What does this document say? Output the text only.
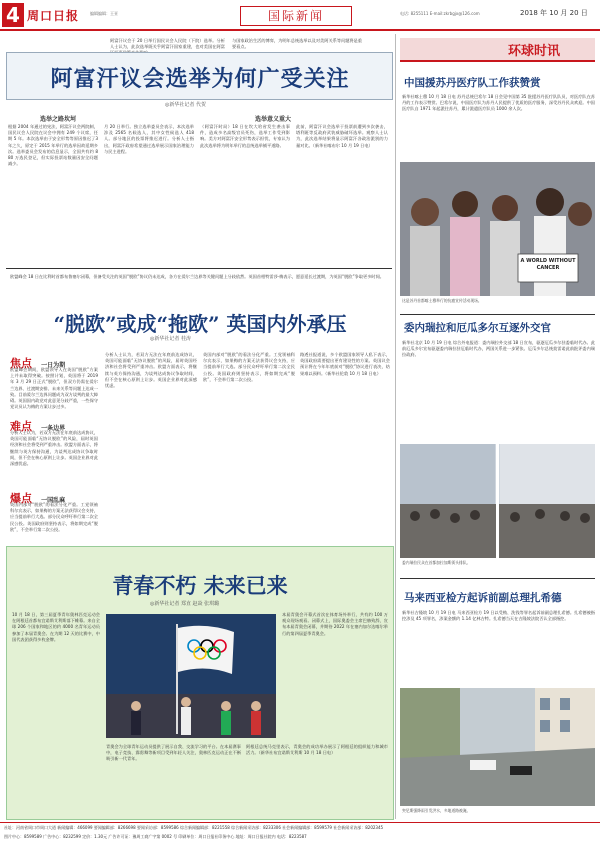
4 周口日报	编辑编辑：王亚	国际新闻	电话: 8255111 E-mail:zkrbgjx@126.com	2018 年 10 月 20 日
阿富汗议会于 20 日举行国民议会人民院（下院）选举。分析人士认为，此次选举既关乎阿富汗国家重建，也对美国在阿富
与国家政治生活的博弈，为明年总统选举以及对美阿关系等问题将是重要看点。
阿富汗议会选举为何广受关注
◎新华社记者 代贺
选举之路坎坷	选举意义重大
根据 2004 年通过的宪法，阿富汗议会两院制，国民议会人民院在议会中拥有 249 个议席，任期 5 年。本次选举由于安全形势等原因推迟了3年之久，原定于 2015 年举行的选举因故延期多次。选举委员会发布的信息显示，全国共有约 880 万选民登记，但实际投票站数量因安全问题减少。
月 20 日举行。独立选举委员会表示，本次选举涉及 2565 名候选人，其中女性候选人 418 人。部分地区的投票将推迟进行。分析人士指出，阿富汗政府希望通过选举展示国家治理能力与民主进程。
（阿富汗时局）18 日在坎大哈省发生袭击事件，造成多名高级官员死伤，选举工作受到影响。美方对阿富汗安全形势表示担忧，专家认为此次选举将为明年举行的总统选举铺平道路。
此前，阿富汗议会选举于投票前遭到多次袭击，塔利班等反政府武装威胁破坏选举。观察人士认为，此次选举结果将显示阿富汗各政治派别的力量对比。（新华社喀布尔 10 月 19 日电）
欧盟峰会 18 日在比利时首都布鲁塞尔闭幕，但备受关注的英国“脱欧”协议仍未达成，各方在爱尔兰边界等关键问题上分歧依然。英国首相特雷莎·梅表示，愿意延长过渡期，为英国“脱欧”争取更多时间。
“脱欧”或成“拖欧” 英国内外承压
◎新华社记者 桂涛
焦点 一日为期
难点 一条边界
爆点 一国乱麻
欧盟峰会期间，欧盟领导人在英国“脱欧”方案上并未取得突破。按照计划，英国将于 2019 年 3 月 29 日正式“脱欧”，但双方仍需在爱尔兰边界、过渡期安排、未来关系等问题上达成一致。目前爱尔兰边界问题成为双方谈判的最大障碍。英国国内政党对此意见分歧严重，一些保守党议员认为梅的方案让步过多。
分析人士认为，若双方无法在年底前达成协议，英国可能面临“无协议脱欧”的风险，届时英国经济和社会将受到严重冲击。欧盟方面表示，将继续与英方保持沟通，为谈判达成协议争取时间，但不会在核心原则上让步。英国企业界对此深感忧虑。
英国内部对“脱欧”的看法分化严重。工党领袖科尔宾表示，如果梅的方案无法获得议会支持，应当提前举行大选。部分民众呼吁举行第二次全民公投。英国政府则坚持表示，将如期完成“脱欧”，不会举行第二次公投。
分析人士认为，若双方无法在年底前达成协议，英国可能面临“无协议脱欧”的风险，届时英国经济和社会将受到严重冲击。欧盟方面表示，将继续与英方保持沟通，为谈判达成协议争取时间，但不会在核心原则上让步。英国企业界对此深感忧虑。
英国内部对“脱欧”的看法分化严重。工党领袖科尔宾表示，如果梅的方案无法获得议会支持，应当提前举行大选。部分民众呼吁举行第二次全民公投。英国政府则坚持表示，将如期完成“脱欧”，不会举行第二次公投。
路透社报道说，多个欧盟国家领导人私下表示，英国政府需要提出更有建设性的方案。英国议会预计将在今年年底前对“脱欧”协议进行表决，结果难以预料。（新华社伦敦 10 月 18 日电）
青春不朽 未来已来
◎新华社记者 郑直 赵焱 张琪璐
10 月 18 日，第三届夏季青年奥林匹克运动会在阿根廷首都布宜诺斯艾利斯落下帷幕。来自全球 206 个国家和地区的约 4000 名青年运动员参加了本届青奥会。在为期 12 天的比赛中，中国代表团获得多枚金牌。
本届青奥会开幕式首次在体育场外举行，共有约 100 万观众现场观看。闭幕式上，国际奥委会主席巴赫致辞，宣布本届青奥会闭幕，并期待 2022 年在塞内加尔达喀尔举行的第四届夏季青奥会。
青奥会为全球青年运动员提供了展示自我、交流学习的平台。在本届赛事中，电子竞技、霹雳舞等新项目受到年轻人关注，奥林匹克运动正在不断吸引新一代青年。
阿根廷总统马克里表示，青奥会的成功举办展示了阿根廷的组织能力和城市活力。（新华社布宜诺斯艾利斯 10 月 18 日电）
环球时讯
中国援苏丹医疗队工作获赞赏
新华社喀土穆 10 月 18 日电 苏丹总统巴希尔 18 日会见中国第 35 批援苏丹医疗队队员，对医疗队在苏丹的工作表示赞赏。巴希尔说，中国医疗队为苏丹人民提供了优质的医疗服务，深受苏丹民众欢迎。中国医疗队自 1971 年起派往苏丹，累计派遣医疗队员 1000 余人次。
A WORLD WITHOUT CANCER
这是苏丹首都喀土穆举行的抗癌宣传活动现场。
委内瑞拉和厄瓜多尔互逐外交官
新华社北京 10 月 19 日电 综合外电报道：委内瑞拉外交部 18 日宣布，驱逐厄瓜多尔驻委临时代办。此前厄瓜多尔宣布驱逐委内瑞拉驻厄临时代办，两国关系进一步紧张。厄瓜多尔总统莫雷诺此前批评委内瑞拉政府。
委内瑞拉民众在首都加拉加斯街头排队。
马来西亚检方起诉前副总理扎希德
新华社吉隆坡 10 月 19 日电 马来西亚检方 19 日以受贿、洗钱等罪名起诉前副总理扎希德。扎希德被指控涉及 45 项罪名，涉案金额约 1.14 亿林吉特。扎希德当天在吉隆坡法院否认全部指控。
突尼斯强降雨引发洪水，多地道路被淹。
社址：河南省周口市周口大道 新闻编辑：466099 要闻编辑部：8266698 要闻采访部：8599586 综合新闻编辑部：8221558 综合新闻采访部：8233306 社会新闻编辑部：8599579 社会新闻采访部：8202345
图片中心：8599589 广告中心：8232599 定价：1.30元 广告许可证：豫周工商广字第 0002 号 印刷单位：周口日报社印务中心 地址：周口日报社院内 电话：8223587
